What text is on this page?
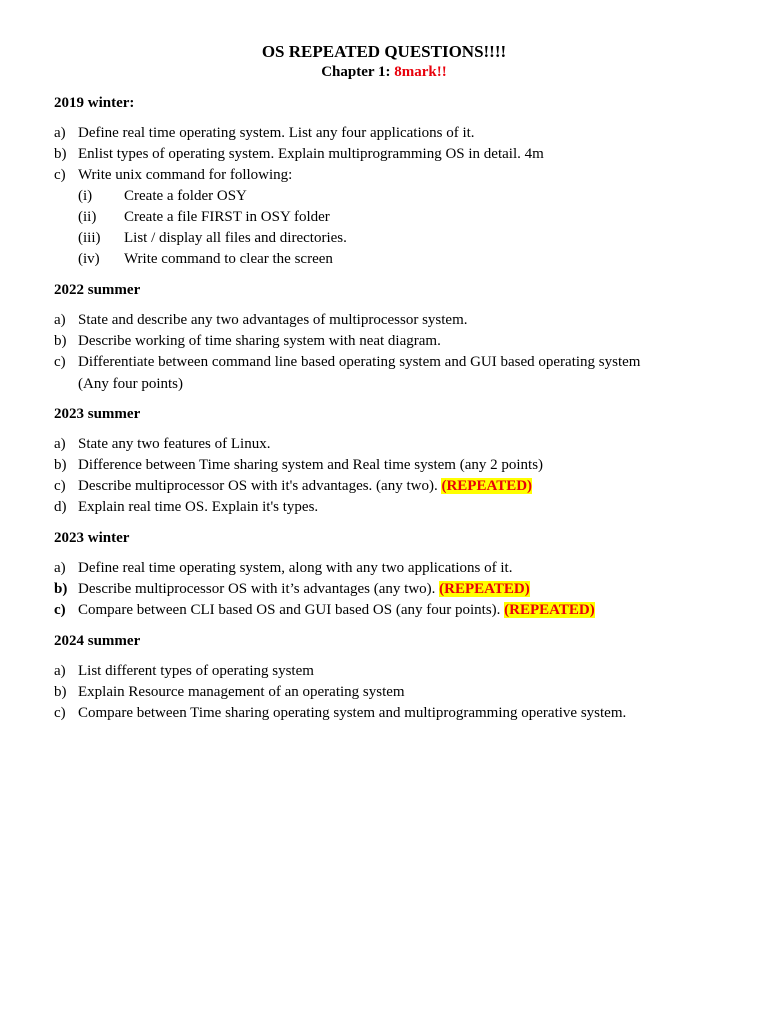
OS REPEATED QUESTIONS!!!!
Chapter 1: 8mark!!
2019 winter:
a) Define real time operating system. List any four applications of it.
b) Enlist types of operating system. Explain multiprogramming OS in detail. 4m
c) Write unix command for following:
(i) Create a folder OSY
(ii) Create a file FIRST in OSY folder
(iii) List / display all files and directories.
(iv) Write command to clear the screen
2022 summer
a) State and describe any two advantages of multiprocessor system.
b) Describe working of time sharing system with neat diagram.
c) Differentiate between command line based operating system and GUI based operating system
(Any four points)
2023 summer
a) State any two features of Linux.
b) Difference between Time sharing system and Real time system (any 2 points)
c) Describe multiprocessor OS with it's advantages. (any two). (REPEATED)
d) Explain real time OS. Explain it's types.
2023 winter
a) Define real time operating system, along with any two applications of it.
b) Describe multiprocessor OS with it’s advantages (any two). (REPEATED)
c) Compare between CLI based OS and GUI based OS (any four points). (REPEATED)
2024 summer
a) List different types of operating system
b) Explain Resource management of an operating system
c) Compare between Time sharing operating system and multiprogramming operative system.
